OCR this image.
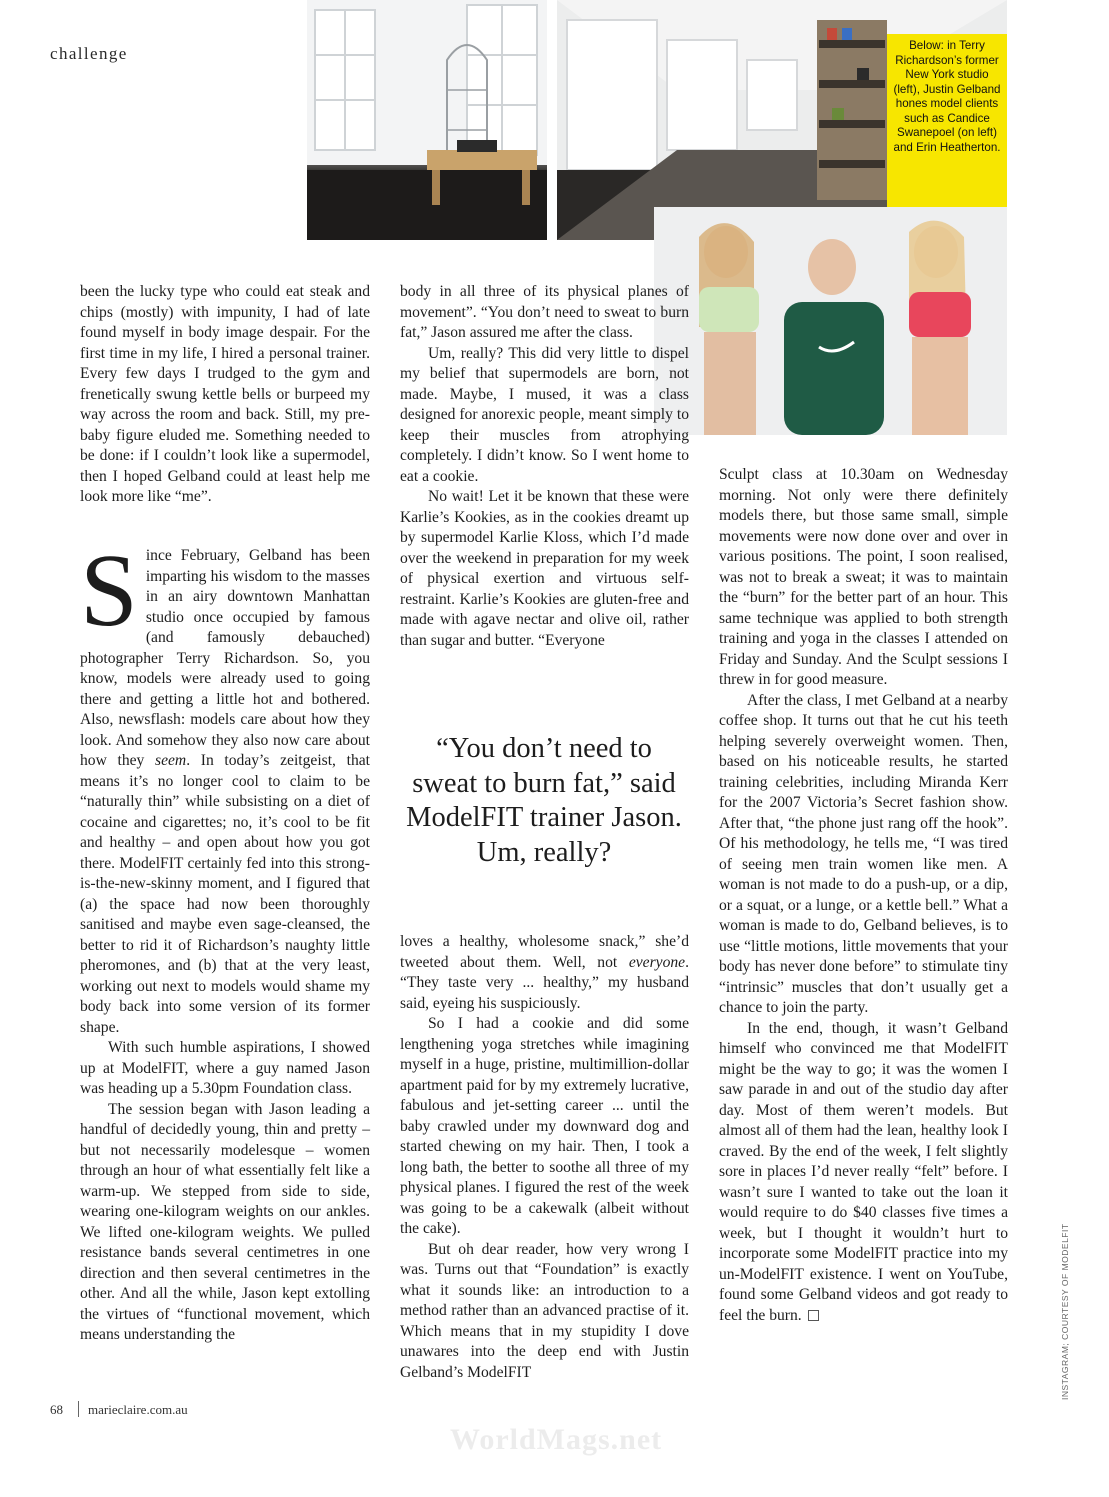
challenge	Below: in Terry Richardson’s former New York studio (left), Justin Gelband hones model clients such as Candice Swanepoel (on left) and Erin Heatherton.

been the lucky type who could eat steak and chips (mostly) with impunity, I had of late found myself in body image despair. For the first time in my life, I hired a personal trainer. Every few days I trudged to the gym and frenetically swung kettle bells or burpeed my way across the room and back. Still, my pre-baby figure eluded me. Something needed to be done: if I couldn’t look like a supermodel, then I hoped Gelband could at least help me look more like “me”.

Since February, Gelband has been imparting his wisdom to the masses in an airy downtown Manhattan studio once occupied by famous (and famously debauched) photographer Terry Richardson. So, you know, models were already used to going there and getting a little hot and bothered. Also, newsflash: models care about how they look. And somehow they also now care about how they seem. In today’s zeitgeist, that means it’s no longer cool to claim to be “naturally thin” while subsisting on a diet of cocaine and cigarettes; no, it’s cool to be fit and healthy – and open about how you got there. ModelFIT certainly fed into this strong-is-the-new-skinny moment, and I figured that (a) the space had now been thoroughly sanitised and maybe even sage-cleansed, the better to rid it of Richardson’s naughty little pheromones, and (b) that at the very least, working out next to models would shame my body back into some version of its former shape.

With such humble aspirations, I showed up at ModelFIT, where a guy named Jason was heading up a 5.30pm Foundation class.

The session began with Jason leading a handful of decidedly young, thin and pretty – but not necessarily modelesque – women through an hour of what essentially felt like a warm-up. We stepped from side to side, wearing one-kilogram weights on our ankles. We lifted one-kilogram weights. We pulled resistance bands several centimetres in one direction and then several centimetres in the other. And all the while, Jason kept extolling the virtues of “functional movement, which means understanding the

body in all three of its physical planes of movement”. “You don’t need to sweat to burn fat,” Jason assured me after the class.

Um, really? This did very little to dispel my belief that supermodels are born, not made. Maybe, I mused, it was a class designed for anorexic people, meant simply to keep their muscles from atrophying completely. I didn’t know. So I went home to eat a cookie.

No wait! Let it be known that these were Karlie’s Kookies, as in the cookies dreamt up by supermodel Karlie Kloss, which I’d made over the weekend in preparation for my week of physical exertion and virtuous self-restraint. Karlie’s Kookies are gluten-free and made with agave nectar and olive oil, rather than sugar and butter. “Everyone

“You don’t need to sweat to burn fat,” said ModelFIT trainer Jason. Um, really?

loves a healthy, wholesome snack,” she’d tweeted about them. Well, not everyone. “They taste very ... healthy,” my husband said, eyeing his suspiciously.

So I had a cookie and did some lengthening yoga stretches while imagining myself in a huge, pristine, multimillion-dollar apartment paid for by my extremely lucrative, fabulous and jet-setting career ... until the baby crawled under my downward dog and started chewing on my hair. Then, I took a long bath, the better to soothe all three of my physical planes. I figured the rest of the week was going to be a cakewalk (albeit without the cake).

But oh dear reader, how very wrong I was. Turns out that “Foundation” is exactly what it sounds like: an introduction to a method rather than an advanced practise of it. Which means that in my stupidity I dove unawares into the deep end with Justin Gelband’s ModelFIT

Sculpt class at 10.30am on Wednesday morning. Not only were there definitely models there, but those same small, simple movements were now done over and over in various positions. The point, I soon realised, was not to break a sweat; it was to maintain the “burn” for the better part of an hour. This same technique was applied to both strength training and yoga in the classes I attended on Friday and Sunday. And the Sculpt sessions I threw in for good measure.

After the class, I met Gelband at a nearby coffee shop. It turns out that he cut his teeth helping severely overweight women. Then, based on his noticeable results, he started training celebrities, including Miranda Kerr for the 2007 Victoria’s Secret fashion show. After that, “the phone just rang off the hook”. Of his methodology, he tells me, “I was tired of seeing men train women like men. A woman is not made to do a push-up, or a dip, or a squat, or a lunge, or a kettle bell.” What a woman is made to do, Gelband believes, is to use “little motions, little movements that your body has never done before” to stimulate tiny “intrinsic” muscles that don’t usually get a chance to join the party.

In the end, though, it wasn’t Gelband himself who convinced me that ModelFIT might be the way to go; it was the women I saw parade in and out of the studio day after day. Most of them weren’t models. But almost all of them had the lean, healthy look I craved. By the end of the week, I felt slightly sore in places I’d never really “felt” before. I wasn’t sure I wanted to take out the loan it would require to do $40 classes five times a week, but I thought it wouldn’t hurt to incorporate some ModelFIT practice into my un-ModelFIT existence. I went on YouTube, found some Gelband videos and got ready to feel the burn.

68 marieclaire.com.au
WorldMags.net
INSTAGRAM; COURTESY OF MODELFIT
